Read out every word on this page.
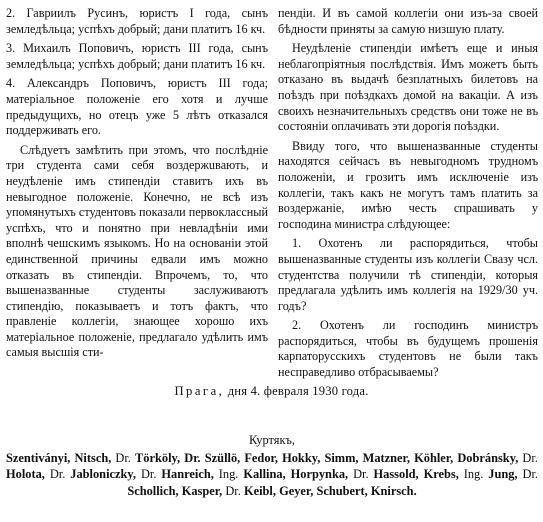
2. Гавриилъ Русинъ, юристъ I года, сынъ земледѣльца; успѣхъ добрый; дани платитъ 16 кч.

3. Михаилъ Поповичъ, юристъ III года, сынъ земледѣльца; успѣхъ добрый; дани платитъ 16 кч.

4. Александръ Поповичъ, юристъ III года; матеріальное положеніе его хотя и лучше предыдущихъ, но отецъ уже 5 лѣтъ отказался поддерживать его.

Слѣдуетъ замѣтить при этомъ, что послѣдніе три студента сами себя вoздержuвaють, и неудѣленіе имъ стипендіи ставитъ ихъ въ невыгодное положеніе. Конечно, не всѣ изъ упомянутыхъ студентовъ показали первоклассный успѣхъ, что и понятно при невладѣніи ими вполнѣ чешскимъ языкомъ. Но на основаніи этой единственной причины едвали имъ можно отказать въ стипендіи. Впрочемъ, то, что вышеназванные студенты заслуживаютъ стипендію, показываетъ и тотъ фактъ, что правленіе коллегіи, знающее хорошо ихъ матеріальное положеніе, предлагало удѣлить имъ самыя высшія сти-

пендіи. И въ самой коллегіи они изъ-за своей бѣдности приняты за самую низшую плату.

Неудѣленіе стипендіи имѣетъ еще и иныя неблагопріятныя послѣдствія. Имъ можетъ быть отказано въ выдачѣ безплатныхъ билетовъ на поѣздъ при поѣздкахъ домой на вакаціи. А изъ своихъ незначительныхъ средствъ они тоже не въ состояніи оплачивать эти дорогія поѣздки.

Ввиду того, что вышеназванные студенты находятся сейчасъ въ невыгодномъ трудномъ положеніи, и грозитъ имъ исключеніе изъ коллегіи, такъ какъ не могутъ тамъ платить за вoздержaніе, имѣю честь спрашивать у господина министра слѣдующее:

1. Охотенъ ли распорядиться, чтобы вышеназванные студенты изъ коллегіи Свазу чсл. студентства получили тѣ стипендіи, которыя предлагала удѣлить имъ коллегія на 1929/30 уч. годъ?

2. Охотенъ ли господинъ министръ распорядиться, чтобы въ будущемъ прошенія карпаторусскихъ студентовъ не были такъ несправедливо отбрасываемы?

Прага, дня 4. февраля 1930 года.
Куртякъ,
Szentiványi, Nitsch, Dr. Törköly, Dr. Szüllö, Fedor, Hokky, Simm, Matzner, Köhler, Dobránsky, Dr. Holota, Dr. Jabloniczky, Dr. Hanreich, Ing. Kallina, Horpynka, Dr. Hassold, Krebs, Ing. Jung, Dr. Schollich, Kasper, Dr. Keibl, Geyer, Schubert, Knirsch.
